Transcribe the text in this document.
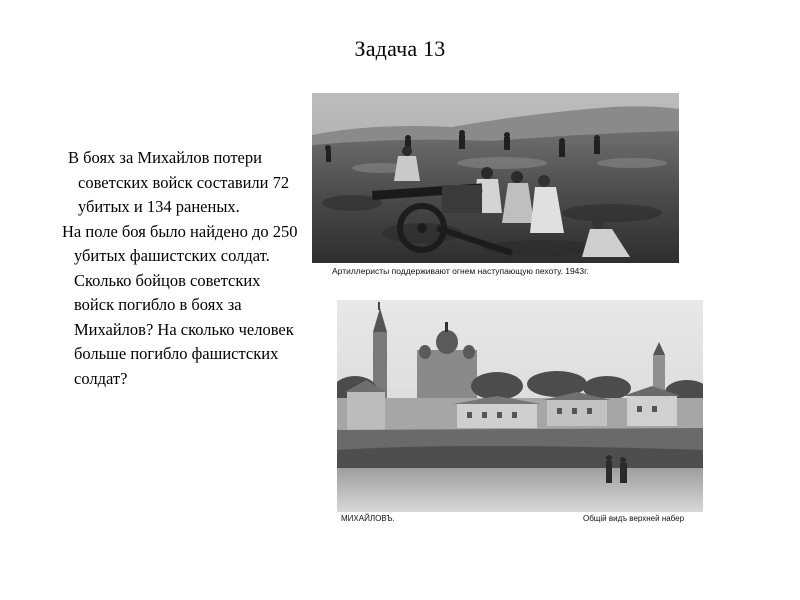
Задача 13

В боях за Михайлов потери советских войск составили 72 убитых и 134 раненых.

На поле боя было найдено до 250 убитых фашистских солдат. Сколько бойцов советских войск погибло в боях за Михайлов? На сколько человек больше погибло фашистских солдат?

Артиллеристы поддерживают огнем наступающую пехоту. 1943г.
МИХАЙЛОВЪ.	Общiй видъ верхней набер
